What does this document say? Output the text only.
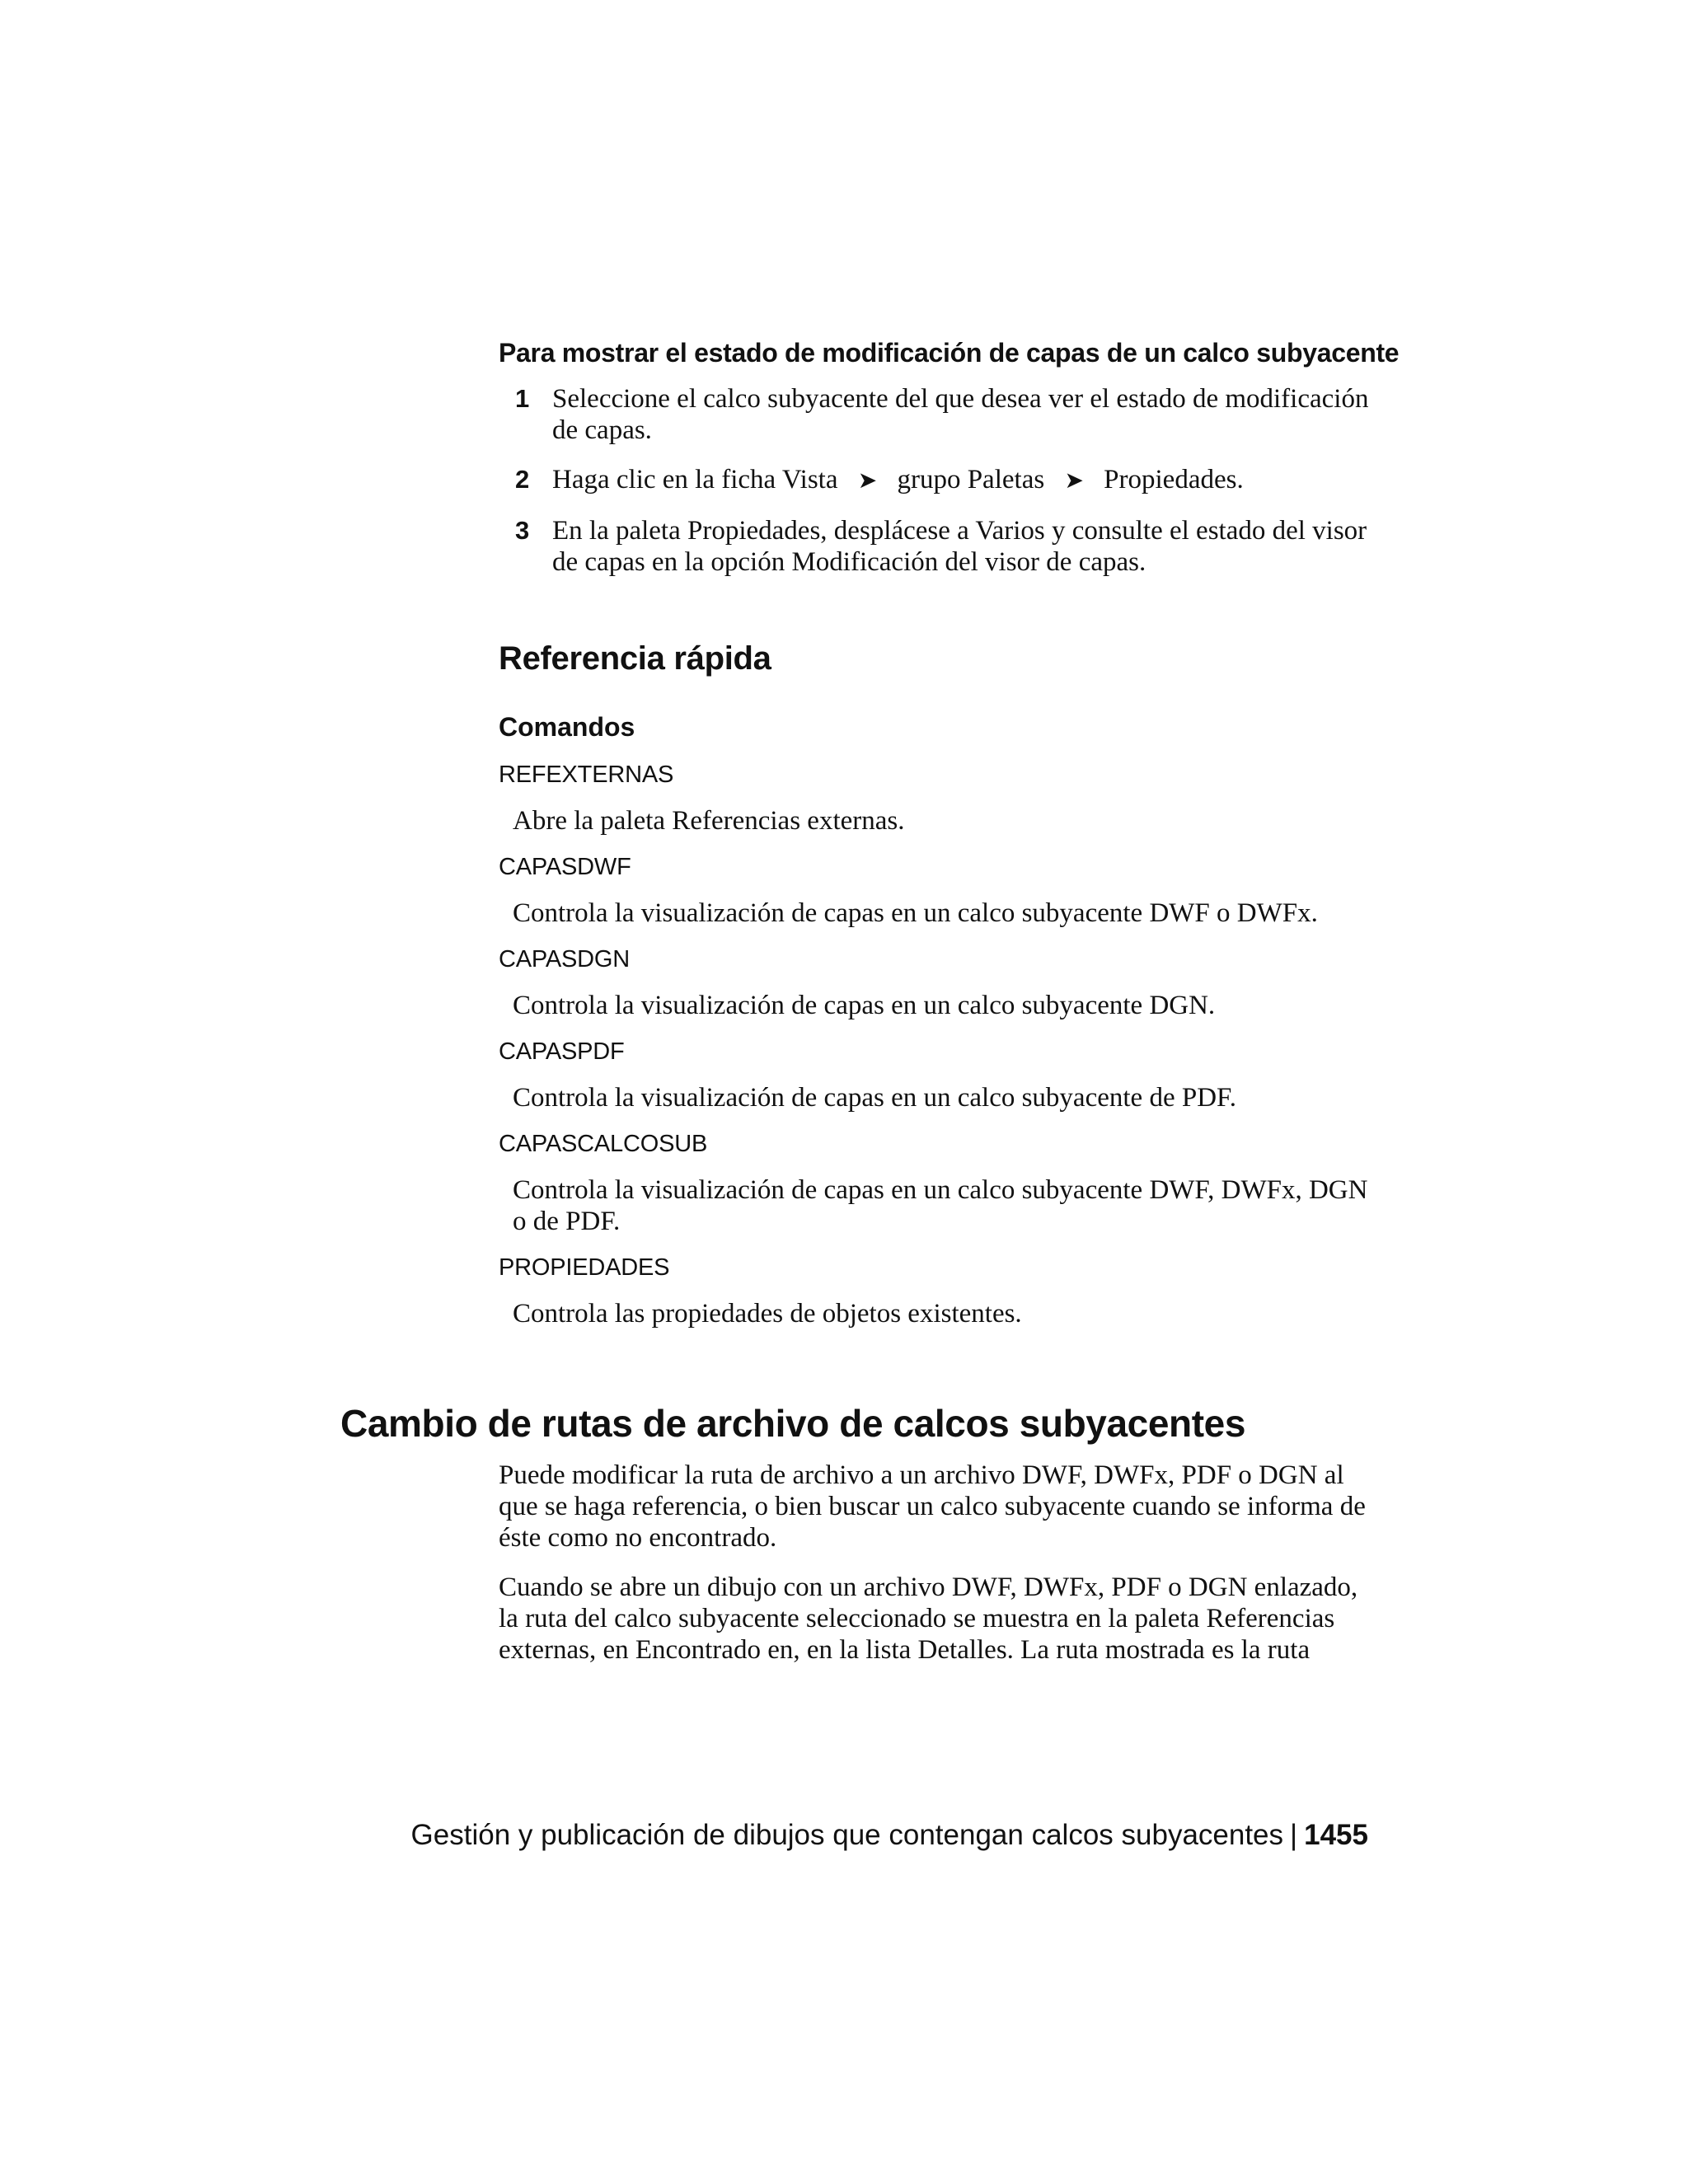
Para mostrar el estado de modificación de capas de un calco subyacente
1 Seleccione el calco subyacente del que desea ver el estado de modificación de capas.
2 Haga clic en la ficha Vista ➤ grupo Paletas ➤ Propiedades.
3 En la paleta Propiedades, desplácese a Varios y consulte el estado del visor de capas en la opción Modificación del visor de capas.
Referencia rápida
Comandos
REFEXTERNAS
Abre la paleta Referencias externas.
CAPASDWF
Controla la visualización de capas en un calco subyacente DWF o DWFx.
CAPASDGN
Controla la visualización de capas en un calco subyacente DGN.
CAPASPDF
Controla la visualización de capas en un calco subyacente de PDF.
CAPASCALCOSUB
Controla la visualización de capas en un calco subyacente DWF, DWFx, DGN o de PDF.
PROPIEDADES
Controla las propiedades de objetos existentes.
Cambio de rutas de archivo de calcos subyacentes

Puede modificar la ruta de archivo a un archivo DWF, DWFx, PDF o DGN al que se haga referencia, o bien buscar un calco subyacente cuando se informa de éste como no encontrado.

Cuando se abre un dibujo con un archivo DWF, DWFx, PDF o DGN enlazado, la ruta del calco subyacente seleccionado se muestra en la paleta Referencias externas, en Encontrado en, en la lista Detalles. La ruta mostrada es la ruta

Gestión y publicación de dibujos que contengan calcos subyacentes | 1455
